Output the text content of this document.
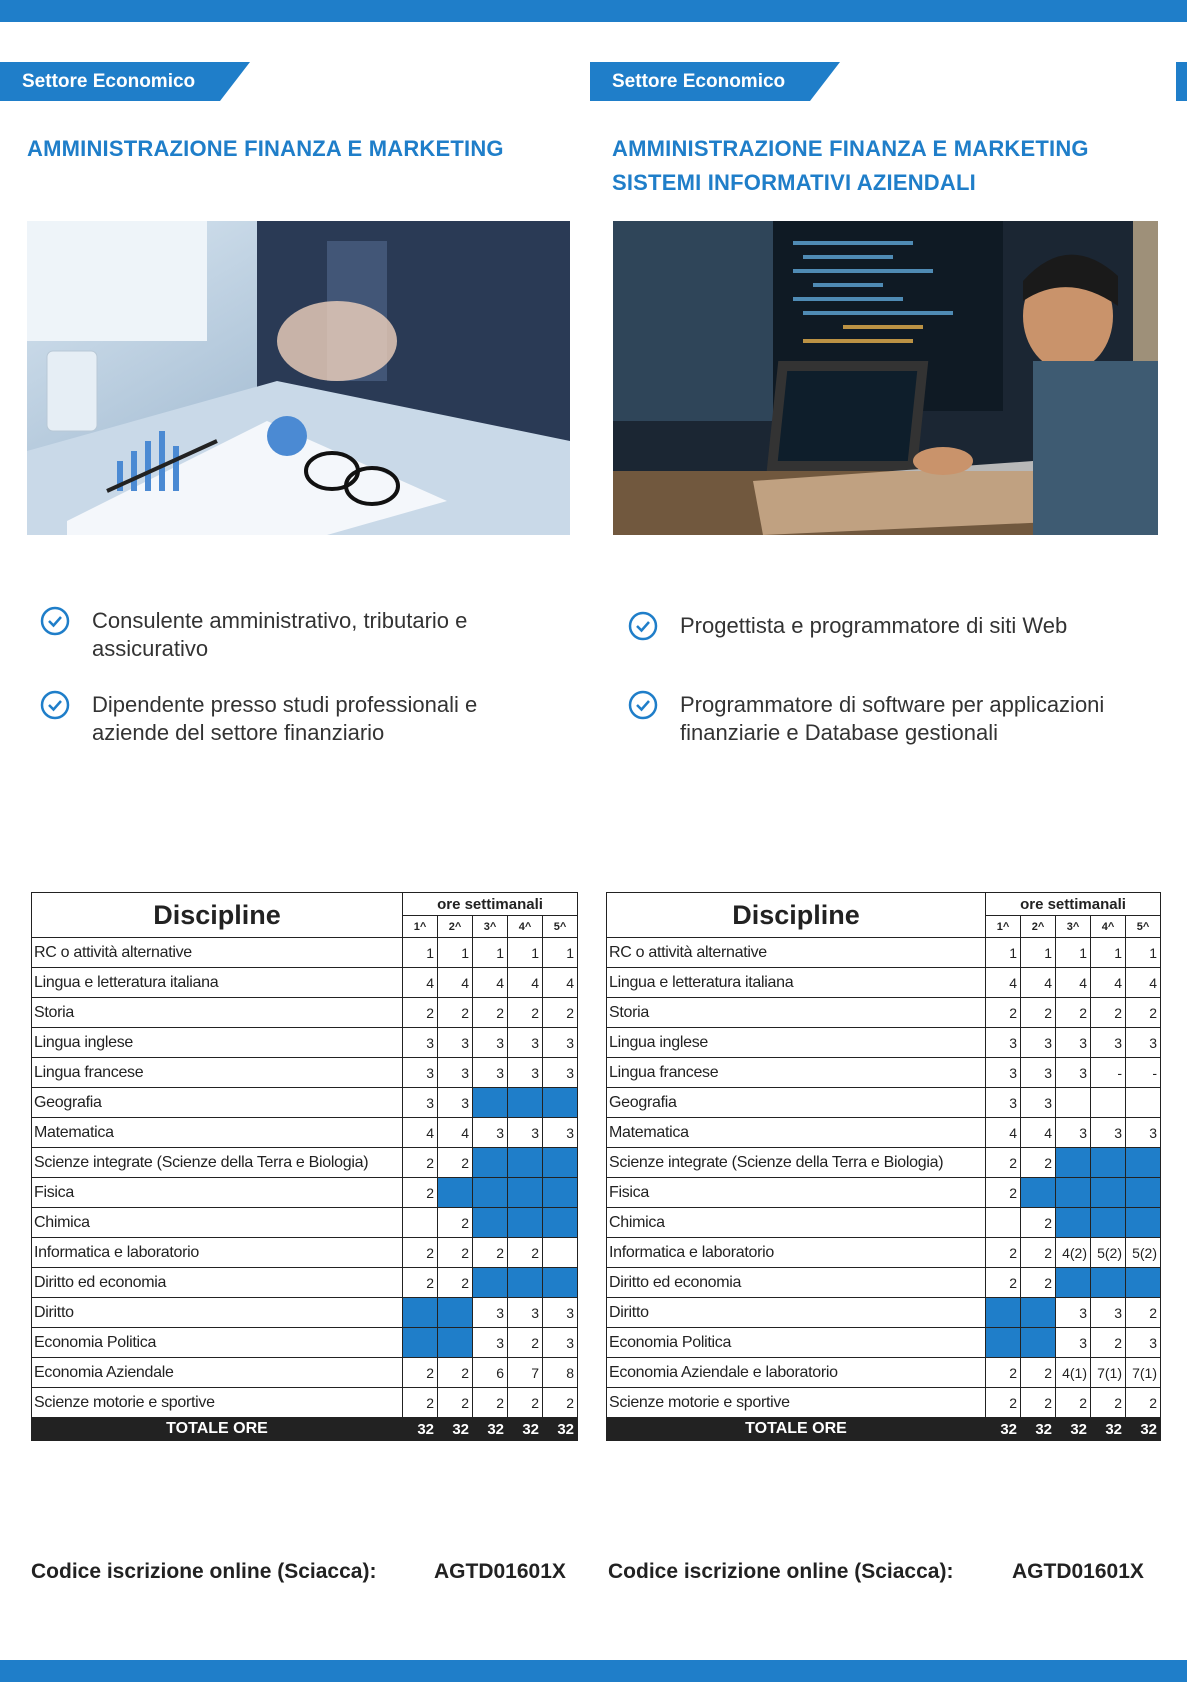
Settore Economico
AMMINISTRAZIONE FINANZA E MARKETING
Consulente amministrativo, tributario e assicurativo
Dipendente presso studi professionali e aziende del settore finanziario
Discipline	ore settimanali				
	1^	2^	3^	4^	5^
RC o attività alternative	1	1	1	1	1
Lingua e letteratura italiana	4	4	4	4	4
Storia	2	2	2	2	2
Lingua inglese	3	3	3	3	3
Lingua francese	3	3	3	3	3
Geografia	3	3			
Matematica	4	4	3	3	3
Scienze integrate (Scienze della Terra e Biologia)	2	2			
Fisica	2				
Chimica		2			
Informatica e laboratorio	2	2	2	2	
Diritto ed economia	2	2			
Diritto			3	3	3
Economia Politica			3	2	3
Economia Aziendale	2	2	6	7	8
Scienze motorie e sportive	2	2	2	2	2
TOTALE ORE	32	32	32	32	32
Codice iscrizione online (Sciacca):	AGTD01601X
Settore Economico
AMMINISTRAZIONE FINANZA E MARKETING
SISTEMI INFORMATIVI AZIENDALI
Progettista e programmatore di siti Web
Programmatore di software per applicazioni finanziarie e Database gestionali
Discipline	ore settimanali				
	1^	2^	3^	4^	5^
RC o attività alternative	1	1	1	1	1
Lingua e letteratura italiana	4	4	4	4	4
Storia	2	2	2	2	2
Lingua inglese	3	3	3	3	3
Lingua francese	3	3	3	-	-
Geografia	3	3			
Matematica	4	4	3	3	3
Scienze integrate (Scienze della Terra e Biologia)	2	2			
Fisica	2				
Chimica		2			
Informatica e laboratorio	2	2	4(2)	5(2)	5(2)
Diritto ed economia	2	2			
Diritto			3	3	2
Economia Politica			3	2	3
Economia Aziendale e laboratorio	2	2	4(1)	7(1)	7(1)
Scienze motorie e sportive	2	2	2	2	2
TOTALE ORE	32	32	32	32	32
Codice iscrizione online (Sciacca):	AGTD01601X
